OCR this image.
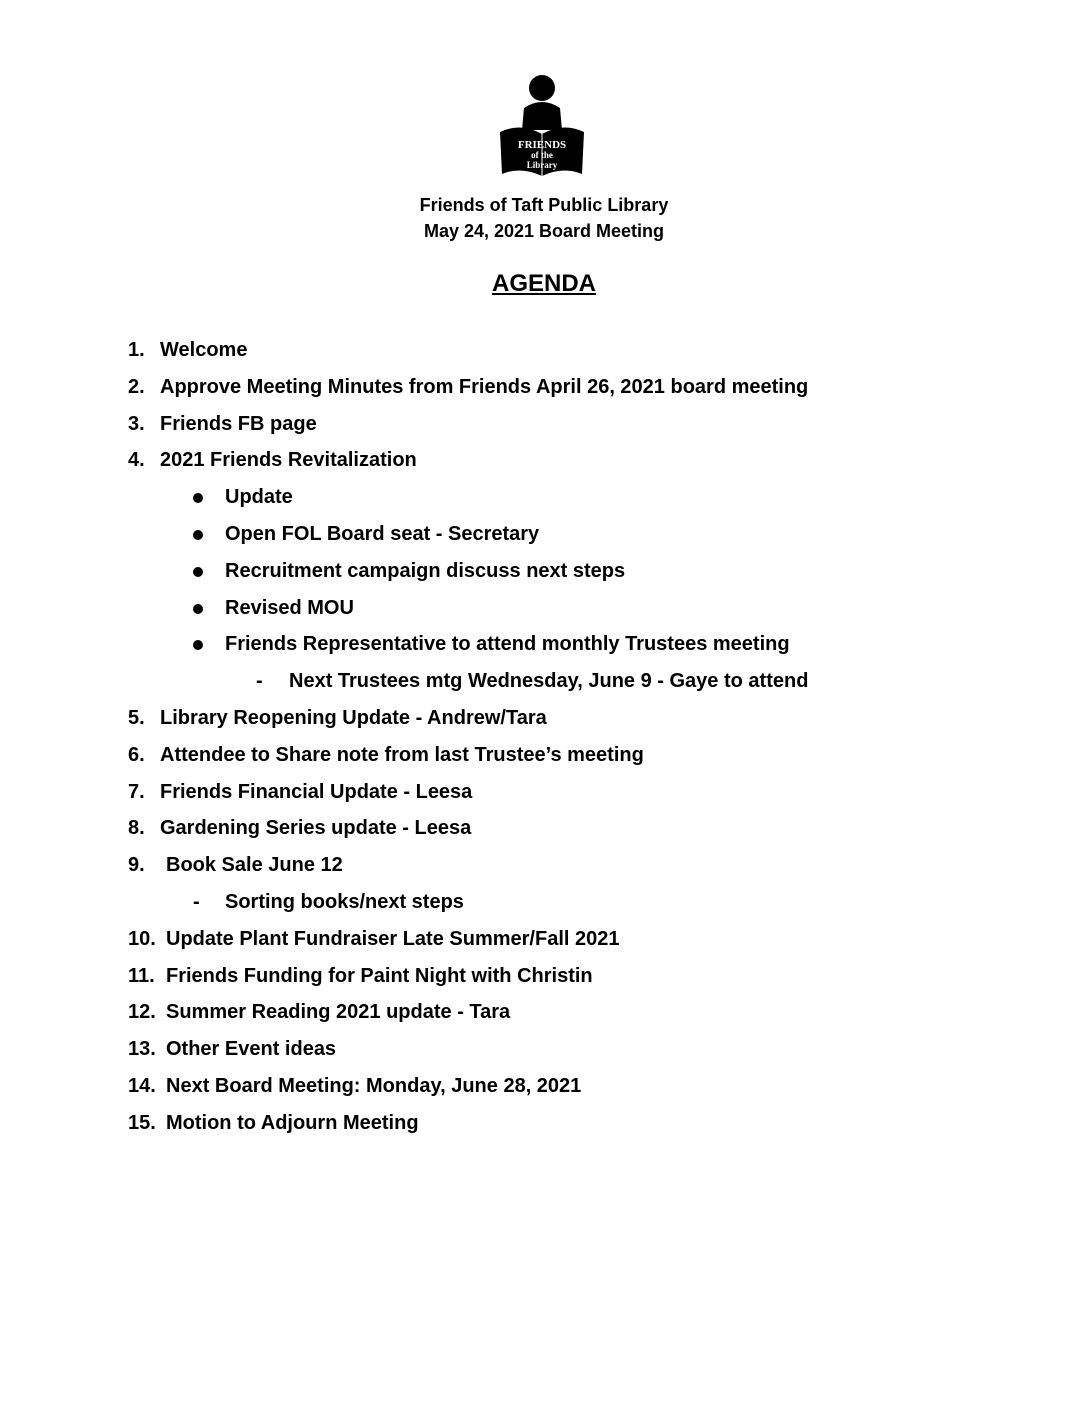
FRIENDS
of the
Library
Friends of Taft Public Library
May 24, 2021 Board Meeting
AGENDA
1. Welcome
2. Approve Meeting Minutes from Friends April 26, 2021 board meeting
3. Friends FB page
4. 2021 Friends Revitalization
Update
Open FOL Board seat - Secretary
Recruitment campaign discuss next steps
Revised MOU
Friends Representative to attend monthly Trustees meeting
- Next Trustees mtg Wednesday, June 9 - Gaye to attend
5. Library Reopening Update - Andrew/Tara
6. Attendee to Share note from last Trustee’s meeting
7. Friends Financial Update - Leesa
8. Gardening Series update - Leesa
9. Book Sale June 12
- Sorting books/next steps
10. Update Plant Fundraiser Late Summer/Fall 2021
11. Friends Funding for Paint Night with Christin
12. Summer Reading 2021 update - Tara
13. Other Event ideas
14. Next Board Meeting: Monday, June 28, 2021
15. Motion to Adjourn Meeting
